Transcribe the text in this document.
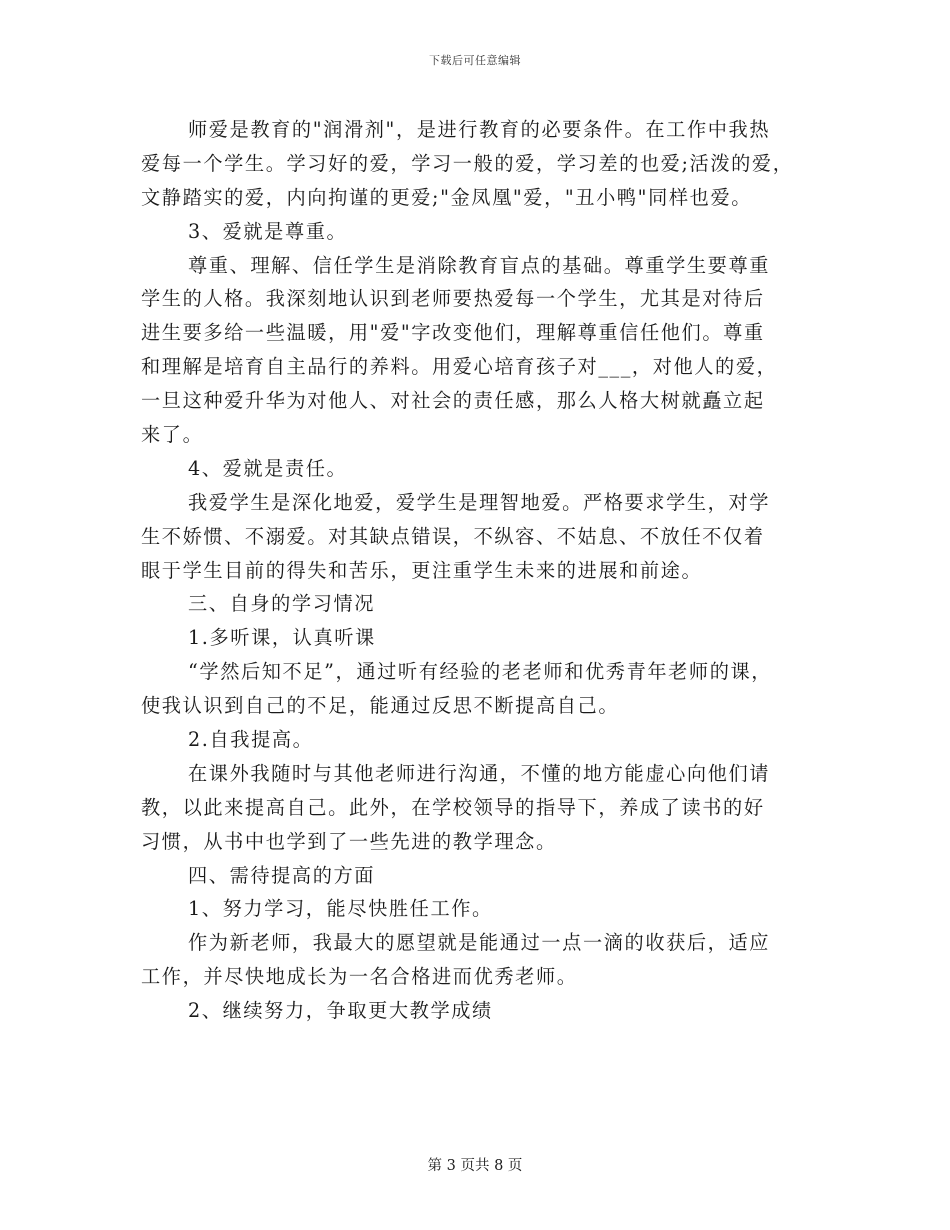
下载后可任意编辑
师爱是教育的"润滑剂"，是进行教育的必要条件。在工作中我热
爱每一个学生。学习好的爱，学习一般的爱，学习差的也爱;活泼的爱，
文静踏实的爱，内向拘谨的更爱;"金凤凰"爱，"丑小鸭"同样也爱。
3、爱就是尊重。
尊重、理解、信任学生是消除教育盲点的基础。尊重学生要尊重
学生的人格。我深刻地认识到老师要热爱每一个学生，尤其是对待后
进生要多给一些温暖，用"爱"字改变他们，理解尊重信任他们。尊重
和理解是培育自主品行的养料。用爱心培育孩子对___，对他人的爱，
一旦这种爱升华为对他人、对社会的责任感，那么人格大树就矗立起
来了。
4、爱就是责任。
我爱学生是深化地爱，爱学生是理智地爱。严格要求学生，对学
生不娇惯、不溺爱。对其缺点错误，不纵容、不姑息、不放任不仅着
眼于学生目前的得失和苦乐，更注重学生未来的进展和前途。
三、自身的学习情况
1.多听课，认真听课
“学然后知不足”，通过听有经验的老老师和优秀青年老师的课，
使我认识到自己的不足，能通过反思不断提高自己。
2.自我提高。
在课外我随时与其他老师进行沟通，不懂的地方能虚心向他们请
教，以此来提高自己。此外，在学校领导的指导下，养成了读书的好
习惯，从书中也学到了一些先进的教学理念。
四、需待提高的方面
1、努力学习，能尽快胜任工作。
作为新老师，我最大的愿望就是能通过一点一滴的收获后，适应
工作，并尽快地成长为一名合格进而优秀老师。
2、继续努力，争取更大教学成绩
第 3 页共 8 页
